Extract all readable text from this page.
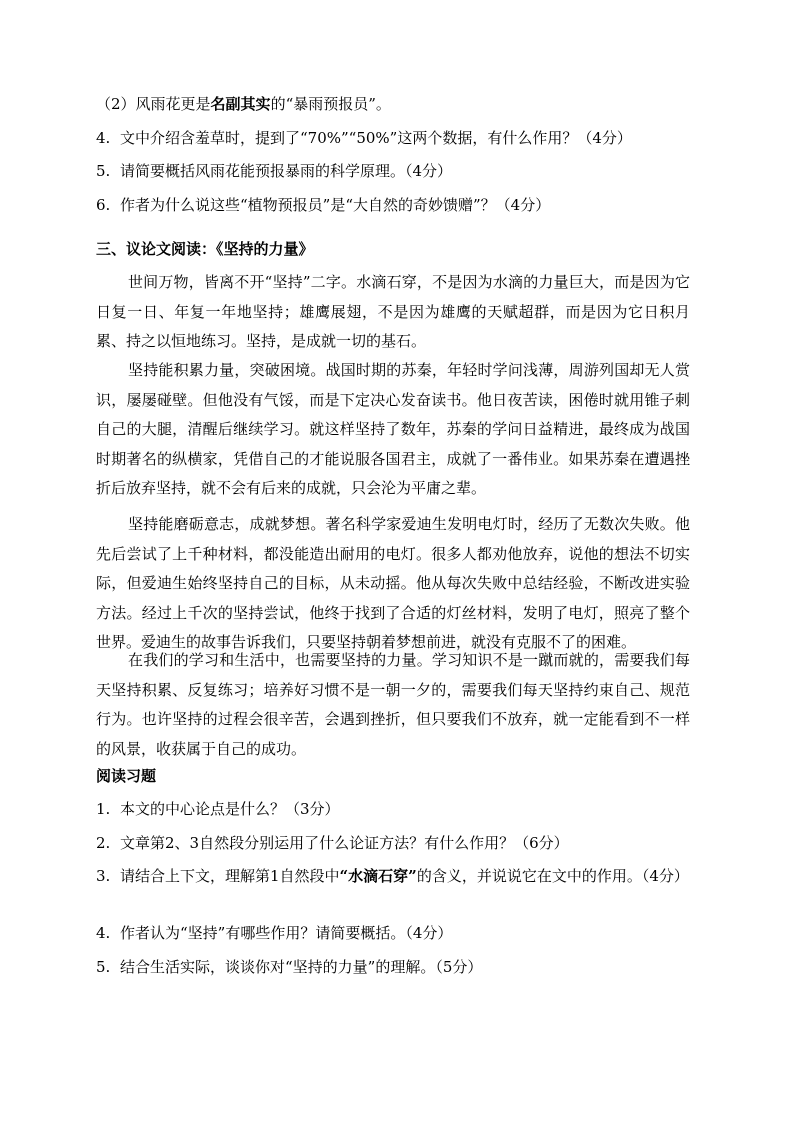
（2）风雨花更是名副其实的“暴雨预报员”。
4. 文中介绍含羞草时，提到了“70%”“50%”这两个数据，有什么作用？（4分）
5. 请简要概括风雨花能预报暴雨的科学原理。（4分）
6. 作者为什么说这些“植物预报员”是“大自然的奇妙馈赠”？（4分）
三、议论文阅读：《坚持的力量》
世间万物，皆离不开“坚持”二字。水滴石穿，不是因为水滴的力量巨大，而是因为它日复一日、年复一年地坚持；雄鹰展翅，不是因为雄鹰的天赋超群，而是因为它日积月累、持之以恒地练习。坚持，是成就一切的基石。
坚持能积累力量，突破困境。战国时期的苏秦，年轻时学问浅薄，周游列国却无人赏识，屡屡碰壁。但他没有气馁，而是下定决心发奋读书。他日夜苦读，困倦时就用锥子刺自己的大腿，清醒后继续学习。就这样坚持了数年，苏秦的学问日益精进，最终成为战国时期著名的纵横家，凭借自己的才能说服各国君主，成就了一番伟业。如果苏秦在遭遇挫折后放弃坚持，就不会有后来的成就，只会沦为平庸之辈。
坚持能磨砺意志，成就梦想。著名科学家爱迪生发明电灯时，经历了无数次失败。他先后尝试了上千种材料，都没能造出耐用的电灯。很多人都劝他放弃，说他的想法不切实际，但爱迪生始终坚持自己的目标，从未动摇。他从每次失败中总结经验，不断改进实验方法。经过上千次的坚持尝试，他终于找到了合适的灯丝材料，发明了电灯，照亮了整个世界。爱迪生的故事告诉我们，只要坚持朝着梦想前进，就没有克服不了的困难。
在我们的学习和生活中，也需要坚持的力量。学习知识不是一蹴而就的，需要我们每天坚持积累、反复练习；培养好习惯不是一朝一夕的，需要我们每天坚持约束自己、规范行为。也许坚持的过程会很辛苦，会遇到挫折，但只要我们不放弃，就一定能看到不一样的风景，收获属于自己的成功。
阅读习题
1. 本文的中心论点是什么？（3分）
2. 文章第2、3自然段分别运用了什么论证方法？有什么作用？（6分）
3. 请结合上下文，理解第1自然段中“水滴石穿”的含义，并说说它在文中的作用。（4分）
4. 作者认为“坚持”有哪些作用？请简要概括。（4分）
5. 结合生活实际，谈谈你对“坚持的力量”的理解。（5分）
